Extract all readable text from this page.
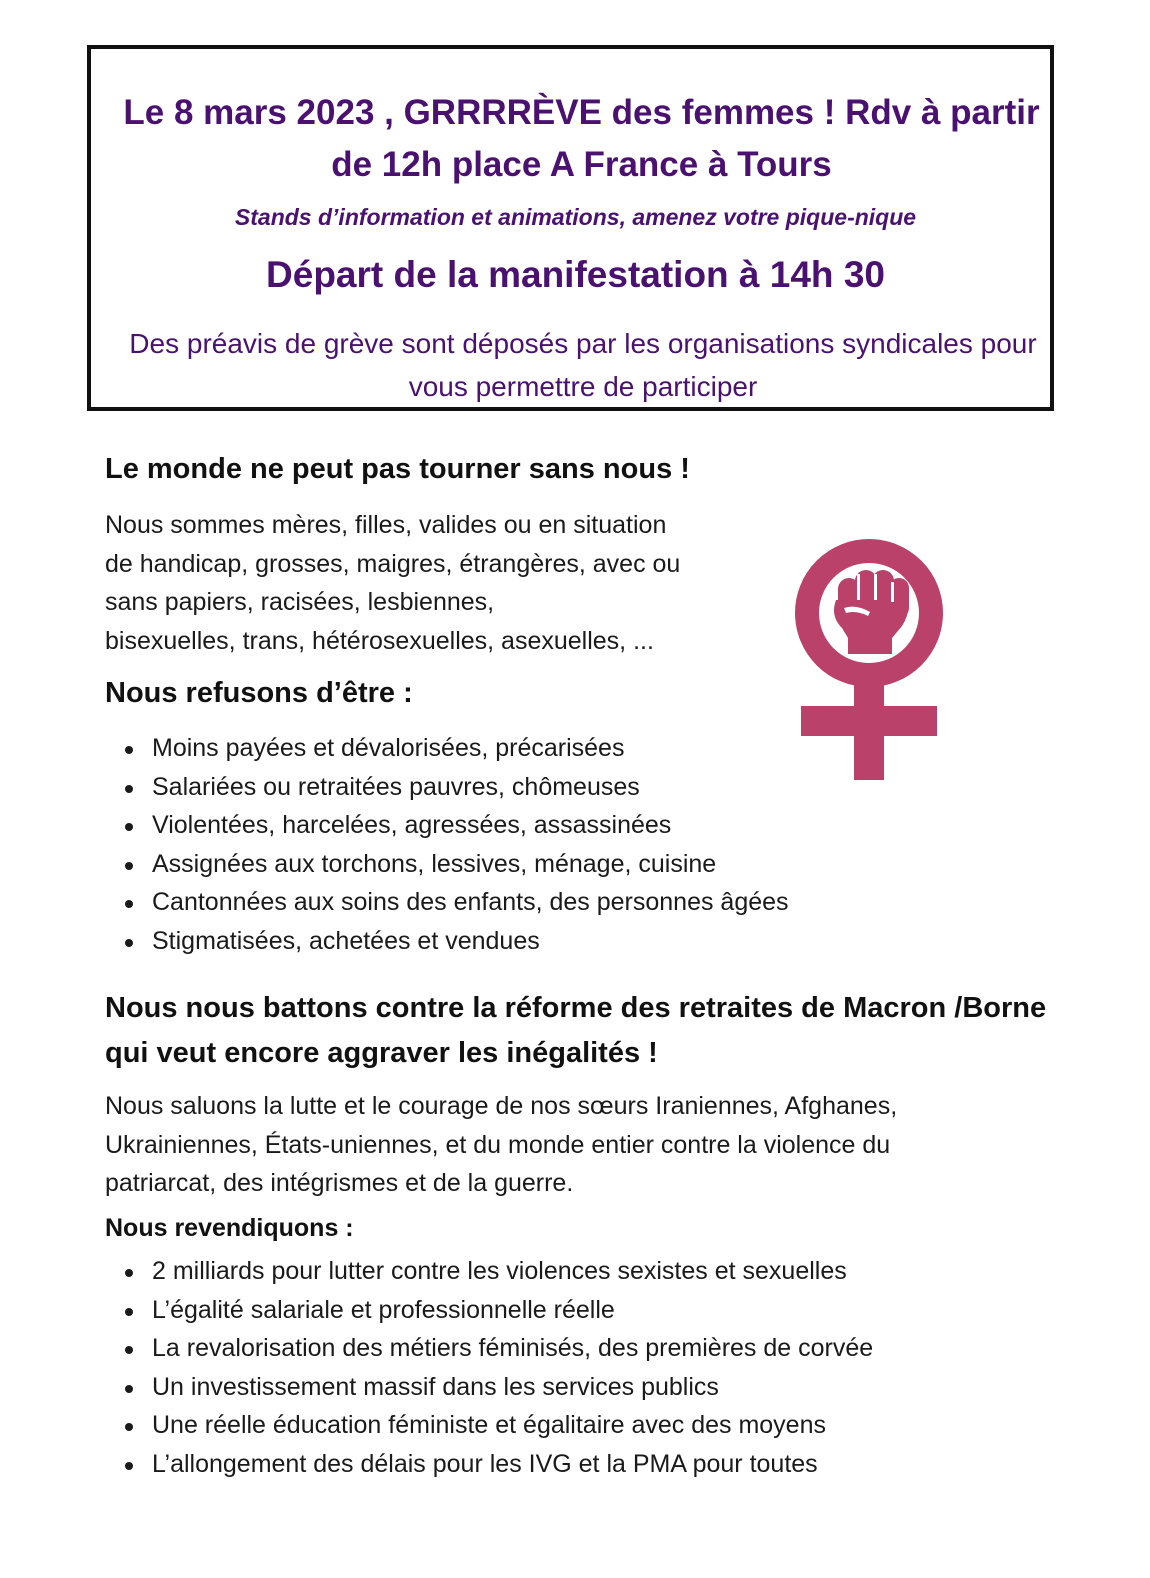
Le 8 mars 2023 , GRRRRÈVE des femmes ! Rdv à partir de 12h place A France à Tours
Stands d’information et animations, amenez votre pique-nique
Départ de la manifestation à 14h 30
Des préavis de grève sont déposés par les organisations syndicales pour vous permettre de participer
Le monde ne peut pas tourner sans nous !

Nous sommes mères, filles, valides ou en situation
de handicap, grosses, maigres, étrangères, avec ou
sans papiers, racisées, lesbiennes,
bisexuelles, trans, hétérosexuelles, asexuelles, ...

Nous refusons d’être :
Moins payées et dévalorisées, précarisées
Salariées ou retraitées pauvres, chômeuses
Violentées, harcelées, agressées, assassinées
Assignées aux torchons, lessives, ménage, cuisine
Cantonnées aux soins des enfants, des personnes âgées
Stigmatisées, achetées et vendues
Nous nous battons contre la réforme des retraites de Macron /Borne
qui veut encore aggraver les inégalités !

Nous saluons la lutte et le courage de nos sœurs Iraniennes, Afghanes,
Ukrainiennes, États-uniennes, et du monde entier contre la violence du
patriarcat, des intégrismes et de la guerre.

Nous revendiquons :
2 milliards pour lutter contre les violences sexistes et sexuelles
L’égalité salariale et professionnelle réelle
La revalorisation des métiers féminisés, des premières de corvée
Un investissement massif dans les services publics
Une réelle éducation féministe et égalitaire avec des moyens
L’allongement des délais pour les IVG et la PMA pour toutes
